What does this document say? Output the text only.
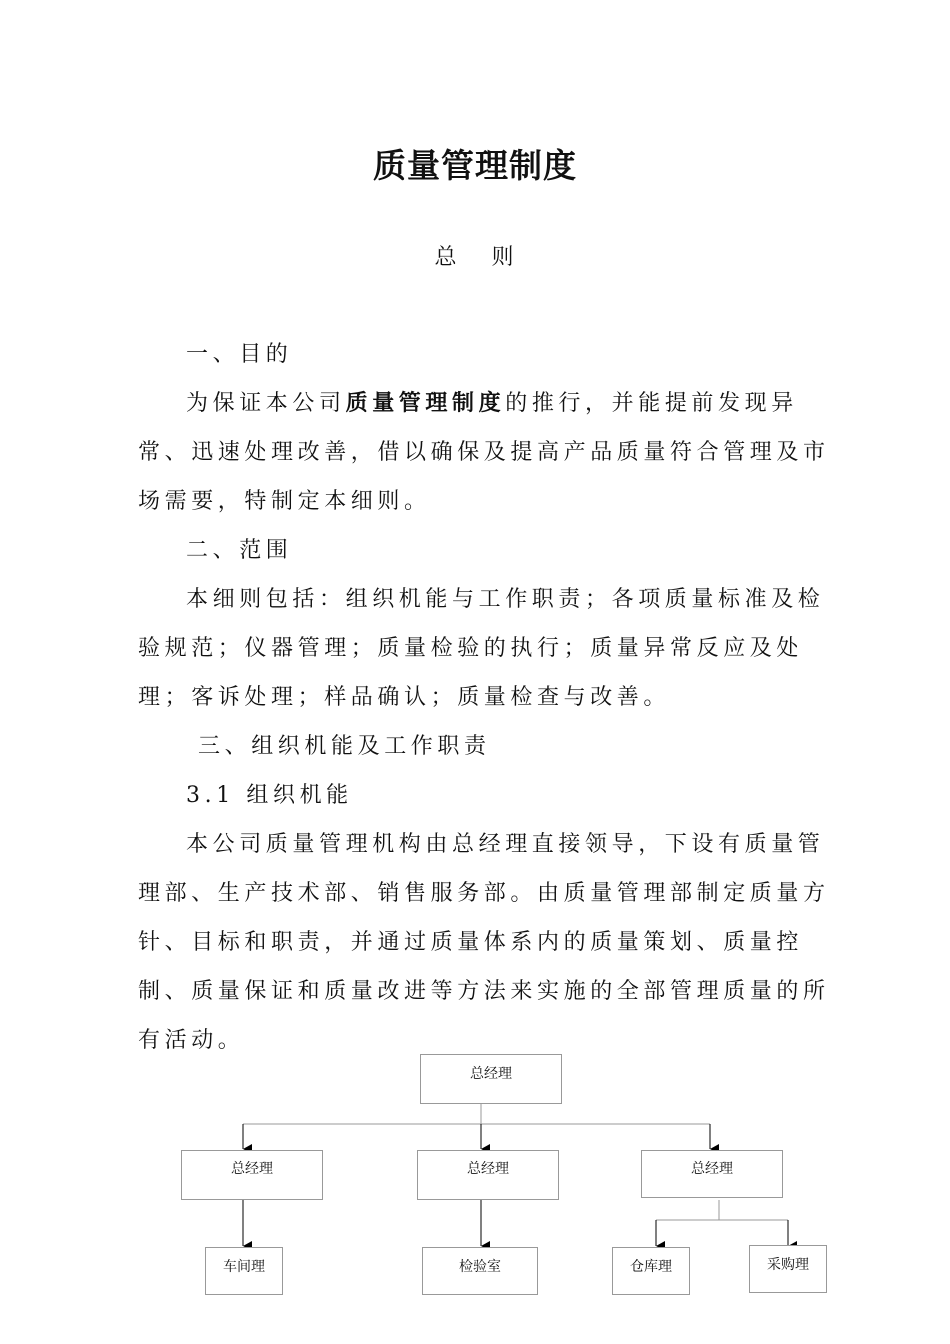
质量管理制度
总 则

一、目的

为保证本公司质量管理制度的推行，并能提前发现异常、迅速处理改善，借以确保及提高产品质量符合管理及市场需要，特制定本细则。

二、范围

本细则包括：组织机能与工作职责；各项质量标准及检验规范；仪器管理；质量检验的执行；质量异常反应及处理；客诉处理；样品确认；质量检查与改善。

三、组织机能及工作职责

3.1 组织机能

本公司质量管理机构由总经理直接领导，下设有质量管理部、生产技术部、销售服务部。由质量管理部制定质量方针、目标和职责，并通过质量体系内的质量策划、质量控制、质量保证和质量改进等方法来实施的全部管理质量的所有活动。

总经理
总经理	总经理	总经理
车间理	检验室	仓库理	采购理
